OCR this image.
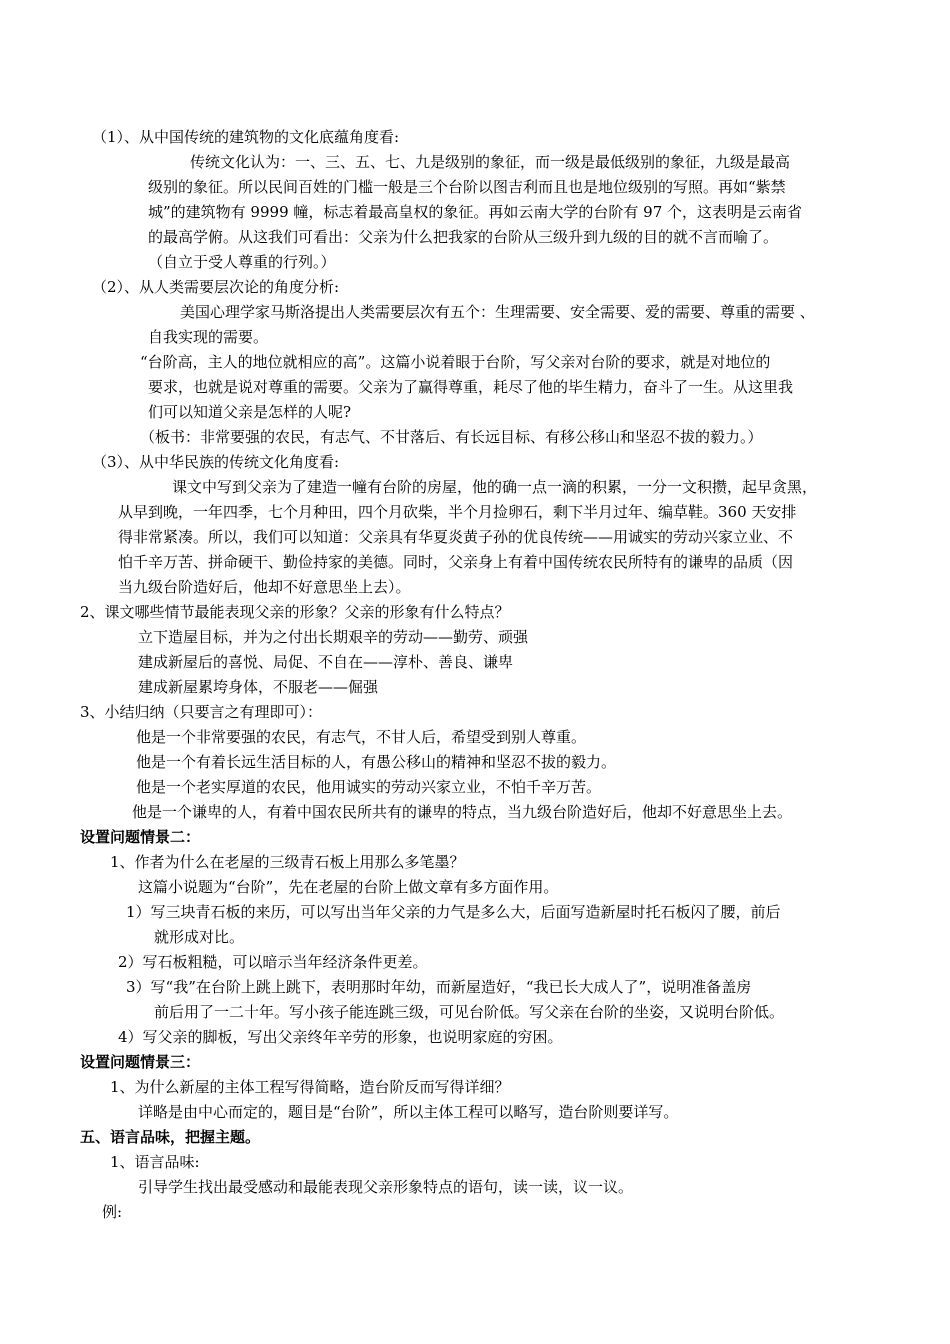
（1）、从中国传统的建筑物的文化底蕴角度看:
传统文化认为：一、三、五、七、九是级别的象征，而一级是最低级别的象征，九级是最高
级别的象征。所以民间百姓的门槛一般是三个台阶以图吉利而且也是地位级别的写照。再如“紫禁
城”的建筑物有 9999 幢，标志着最高皇权的象征。再如云南大学的台阶有 97 个，这表明是云南省
的最高学俯。从这我们可看出：父亲为什么把我家的台阶从三级升到九级的目的就不言而喻了。
（自立于受人尊重的行列。）
（2）、从人类需要层次论的角度分析:
美国心理学家马斯洛提出人类需要层次有五个：生理需要、安全需要、爱的需要、尊重的需要 、
自我实现的需要。
“台阶高，主人的地位就相应的高”。这篇小说着眼于台阶，写父亲对台阶的要求，就是对地位的
要求，也就是说对尊重的需要。父亲为了赢得尊重，耗尽了他的毕生精力，奋斗了一生。从这里我
们可以知道父亲是怎样的人呢?
（板书：非常要强的农民，有志气、不甘落后、有长远目标、有移公移山和坚忍不拔的毅力。）
（3）、从中华民族的传统文化角度看:
课文中写到父亲为了建造一幢有台阶的房屋，他的确一点一滴的积累，一分一文积攒，起早贪黑，
从早到晚，一年四季，七个月种田，四个月砍柴，半个月捡卵石，剩下半月过年、编草鞋。360 天安排
得非常紧凑。所以，我们可以知道：父亲具有华夏炎黄子孙的优良传统——用诚实的劳动兴家立业、不
怕千辛万苦、拼命硬干、勤俭持家的美德。同时，父亲身上有着中国传统农民所特有的谦卑的品质（因
当九级台阶造好后，他却不好意思坐上去）。
2、课文哪些情节最能表现父亲的形象？父亲的形象有什么特点？
立下造屋目标，并为之付出长期艰辛的劳动——勤劳、顽强
建成新屋后的喜悦、局促、不自在——淳朴、善良、谦卑
建成新屋累垮身体，不服老——倔强
3、小结归纳（只要言之有理即可）：
他是一个非常要强的农民，有志气，不甘人后，希望受到别人尊重。
他是一个有着长远生活目标的人，有愚公移山的精神和坚忍不拔的毅力。
他是一个老实厚道的农民，他用诚实的劳动兴家立业，不怕千辛万苦。
他是一个谦卑的人，有着中国农民所共有的谦卑的特点，当九级台阶造好后，他却不好意思坐上去。
设置问题情景二：
1、作者为什么在老屋的三级青石板上用那么多笔墨？
这篇小说题为“台阶”，先在老屋的台阶上做文章有多方面作用。
1）写三块青石板的来历，可以写出当年父亲的力气是多么大，后面写造新屋时托石板闪了腰，前后
就形成对比。
2）写石板粗糙，可以暗示当年经济条件更差。
3）写“我”在台阶上跳上跳下，表明那时年幼，而新屋造好，“我已长大成人了”，说明准备盖房
前后用了一二十年。写小孩子能连跳三级，可见台阶低。写父亲在台阶的坐姿，又说明台阶低。
4）写父亲的脚板，写出父亲终年辛劳的形象，也说明家庭的穷困。
设置问题情景三：
1、为什么新屋的主体工程写得简略，造台阶反而写得详细？
详略是由中心而定的，题目是“台阶”，所以主体工程可以略写，造台阶则要详写。
五、语言品味，把握主题。
1、语言品味:
引导学生找出最受感动和最能表现父亲形象特点的语句，读一读，议一议。
例:
